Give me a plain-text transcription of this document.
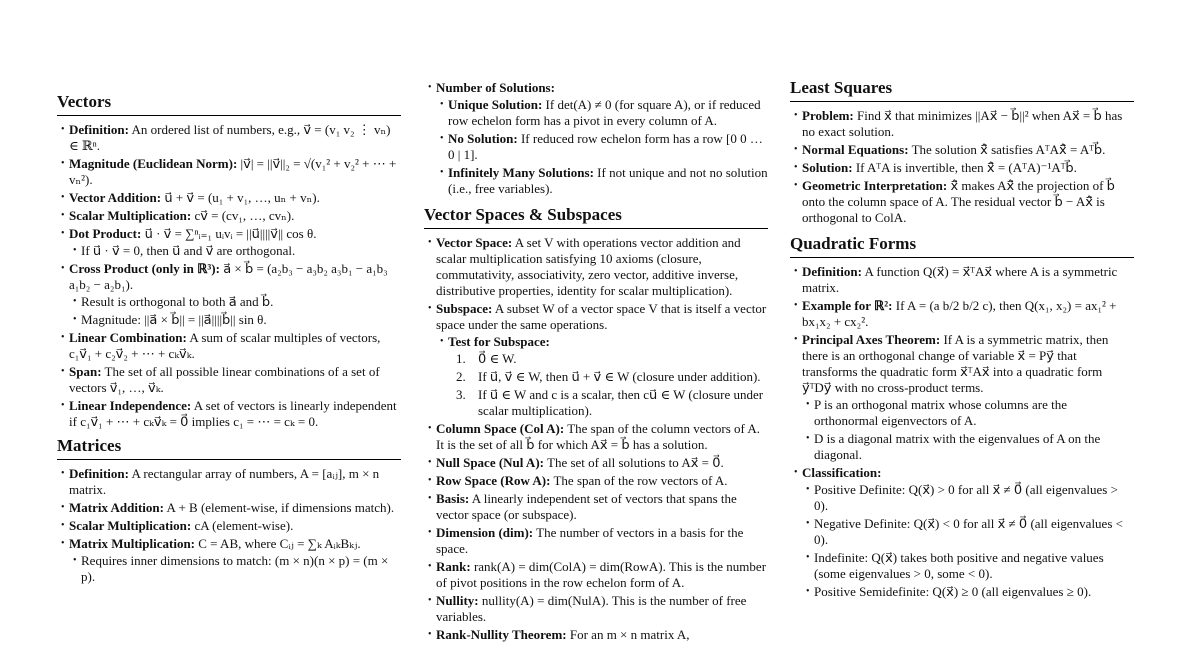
Vectors
• Definition: An ordered list of numbers, e.g., v⃗ = (v₁ v₂ ⋮ vₙ) ∈ ℝⁿ.
• Magnitude (Euclidean Norm): |v⃗| = ||v⃗||₂ = √(v₁² + v₂² + ⋯ + vₙ²).
• Vector Addition: u⃗ + v⃗ = (u₁ + v₁, …, uₙ + vₙ).
• Scalar Multiplication: cv⃗ = (cv₁, …, cvₙ).
• Dot Product: u⃗ · v⃗ = ∑ⁿᵢ₌₁ uᵢvᵢ = ||u⃗||||v⃗|| cos θ.
• If u⃗ · v⃗ = 0, then u⃗ and v⃗ are orthogonal.
• Cross Product (only in ℝ³): a⃗ × b⃗ = (a₂b₃ − a₃b₂ a₃b₁ − a₁b₃ a₁b₂ − a₂b₁).
• Result is orthogonal to both a⃗ and b⃗.
• Magnitude: ||a⃗ × b⃗|| = ||a⃗||||b⃗|| sin θ.
• Linear Combination: A sum of scalar multiples of vectors, c₁v⃗₁ + c₂v⃗₂ + ⋯ + cₖv⃗ₖ.
• Span: The set of all possible linear combinations of a set of vectors v⃗₁, …, v⃗ₖ.
• Linear Independence: A set of vectors is linearly independent if c₁v⃗₁ + ⋯ + cₖv⃗ₖ = 0⃗ implies c₁ = ⋯ = cₖ = 0.
Matrices
• Definition: A rectangular array of numbers, A = [aᵢⱼ], m × n matrix.
• Matrix Addition: A + B (element-wise, if dimensions match).
• Scalar Multiplication: cA (element-wise).
• Matrix Multiplication: C = AB, where Cᵢⱼ = ∑ₖ AᵢₖBₖⱼ.
• Requires inner dimensions to match: (m × n)(n × p) = (m × p).
• Number of Solutions:
• Unique Solution: If det(A) ≠ 0 (for square A), or if reduced row echelon form has a pivot in every column of A.
• No Solution: If reduced row echelon form has a row [0 0 … 0 | 1].
• Infinitely Many Solutions: If not unique and not no solution (i.e., free variables).
Vector Spaces & Subspaces
• Vector Space: A set V with operations vector addition and scalar multiplication satisfying 10 axioms (closure, commutativity, associativity, zero vector, additive inverse, distributive properties, identity for scalar multiplication).
• Subspace: A subset W of a vector space V that is itself a vector space under the same operations.
• Test for Subspace:
1. 0⃗ ∈ W.
2. If u⃗, v⃗ ∈ W, then u⃗ + v⃗ ∈ W (closure under addition).
3. If u⃗ ∈ W and c is a scalar, then cu⃗ ∈ W (closure under scalar multiplication).
• Column Space (Col A): The span of the column vectors of A. It is the set of all b⃗ for which Ax⃗ = b⃗ has a solution.
• Null Space (Nul A): The set of all solutions to Ax⃗ = 0⃗.
• Row Space (Row A): The span of the row vectors of A.
• Basis: A linearly independent set of vectors that spans the vector space (or subspace).
• Dimension (dim): The number of vectors in a basis for the space.
• Rank: rank(A) = dim(ColA) = dim(RowA). This is the number of pivot positions in the row echelon form of A.
• Nullity: nullity(A) = dim(NulA). This is the number of free variables.
• Rank-Nullity Theorem: For an m × n matrix A,
Least Squares
• Problem: Find x⃗ that minimizes ||Ax⃗ − b⃗||² when Ax⃗ = b⃗ has no exact solution.
• Normal Equations: The solution x̂⃗ satisfies AᵀAx̂⃗ = Aᵀb⃗.
• Solution: If AᵀA is invertible, then x̂⃗ = (AᵀA)⁻¹Aᵀb⃗.
• Geometric Interpretation: x̂⃗ makes Ax̂⃗ the projection of b⃗ onto the column space of A. The residual vector b⃗ − Ax̂⃗ is orthogonal to ColA.
Quadratic Forms
• Definition: A function Q(x⃗) = x⃗ᵀAx⃗ where A is a symmetric matrix.
• Example for ℝ²: If A = (a b/2 b/2 c), then Q(x₁, x₂) = ax₁² + bx₁x₂ + cx₂².
• Principal Axes Theorem: If A is a symmetric matrix, then there is an orthogonal change of variable x⃗ = Py⃗ that transforms the quadratic form x⃗ᵀAx⃗ into a quadratic form y⃗ᵀDy⃗ with no cross-product terms.
• P is an orthogonal matrix whose columns are the orthonormal eigenvectors of A.
• D is a diagonal matrix with the eigenvalues of A on the diagonal.
• Classification:
• Positive Definite: Q(x⃗) > 0 for all x⃗ ≠ 0⃗ (all eigenvalues > 0).
• Negative Definite: Q(x⃗) < 0 for all x⃗ ≠ 0⃗ (all eigenvalues < 0).
• Indefinite: Q(x⃗) takes both positive and negative values (some eigenvalues > 0, some < 0).
• Positive Semidefinite: Q(x⃗) ≥ 0 (all eigenvalues ≥ 0).
